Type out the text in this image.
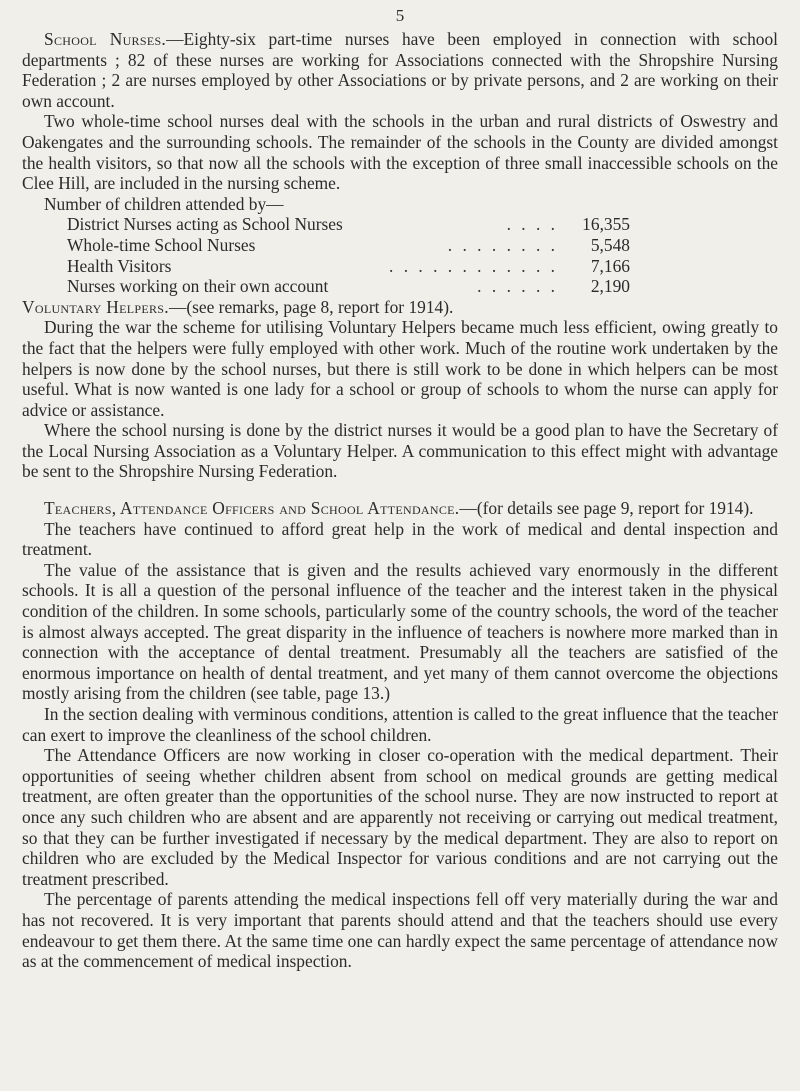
5

School Nurses.—Eighty-six part-time nurses have been employed in connection with school departments ; 82 of these nurses are working for Associations connected with the Shropshire Nursing Federation ; 2 are nurses employed by other Associations or by private persons, and 2 are working on their own account.

Two whole-time school nurses deal with the schools in the urban and rural districts of Oswestry and Oakengates and the surrounding schools. The remainder of the schools in the County are divided amongst the health visitors, so that now all the schools with the exception of three small inaccessible schools on the Clee Hill, are included in the nursing scheme.

Number of children attended by—

District Nurses acting as School Nurses	. . . .	16,355
Whole-time School Nurses	. . . . . . . .	5,548
Health Visitors	. . . . . . . . . . . .	7,166
Nurses working on their own account	. . . . . .	2,190

Voluntary Helpers.—(see remarks, page 8, report for 1914).

During the war the scheme for utilising Voluntary Helpers became much less efficient, owing greatly to the fact that the helpers were fully employed with other work. Much of the routine work undertaken by the helpers is now done by the school nurses, but there is still work to be done in which helpers can be most useful. What is now wanted is one lady for a school or group of schools to whom the nurse can apply for advice or assistance.

Where the school nursing is done by the district nurses it would be a good plan to have the Secretary of the Local Nursing Association as a Voluntary Helper. A communication to this effect might with advantage be sent to the Shropshire Nursing Federation.

Teachers, Attendance Officers and School Attendance.—(for details see page 9, report for 1914).

The teachers have continued to afford great help in the work of medical and dental inspection and treatment.

The value of the assistance that is given and the results achieved vary enormously in the different schools. It is all a question of the personal influence of the teacher and the interest taken in the physical condition of the children. In some schools, particularly some of the country schools, the word of the teacher is almost always accepted. The great disparity in the influence of teachers is nowhere more marked than in connection with the acceptance of dental treatment. Presumably all the teachers are satisfied of the enormous importance on health of dental treatment, and yet many of them cannot overcome the objections mostly arising from the children (see table, page 13.)

In the section dealing with verminous conditions, attention is called to the great influence that the teacher can exert to improve the cleanliness of the school children.

The Attendance Officers are now working in closer co-operation with the medical department. Their opportunities of seeing whether children absent from school on medical grounds are getting medical treatment, are often greater than the opportunities of the school nurse. They are now instructed to report at once any such children who are absent and are apparently not receiving or carrying out medical treatment, so that they can be further investigated if necessary by the medical department. They are also to report on children who are excluded by the Medical Inspector for various conditions and are not carrying out the treatment prescribed.

The percentage of parents attending the medical inspections fell off very materially during the war and has not recovered. It is very important that parents should attend and that the teachers should use every endeavour to get them there. At the same time one can hardly expect the same percentage of attendance now as at the commencement of medical inspection.
